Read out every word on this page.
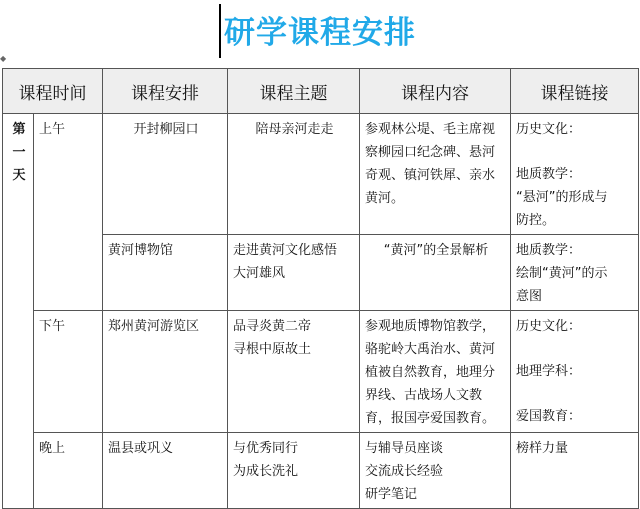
研学课程安排
◆
课程时间		课程安排	课程主题	课程内容	课程链接

第
一
天	上午	开封柳园口	陪母亲河走走	参观林公堤、毛主席视
察柳园口纪念碑、悬河
奇观、镇河铁犀、亲水
黄河。	历史文化：
地质教学：
“悬河”的形成与
防控。

		黄河博物馆	走进黄河文化感悟
大河雄风	“黄河”的全景解析	地质教学：
绘制“黄河”的示
意图

	下午	郑州黄河游览区	品寻炎黄二帝
寻根中原故土	参观地质博物馆教学，
骆驼岭大禹治水、黄河
植被自然教育，地理分
界线、古战场人文教
育，报国亭爱国教育。	历史文化：
地理学科：
爱国教育：

	晚上	温县或巩义	与优秀同行
为成长洗礼	与辅导员座谈
交流成长经验
研学笔记	榜样力量
